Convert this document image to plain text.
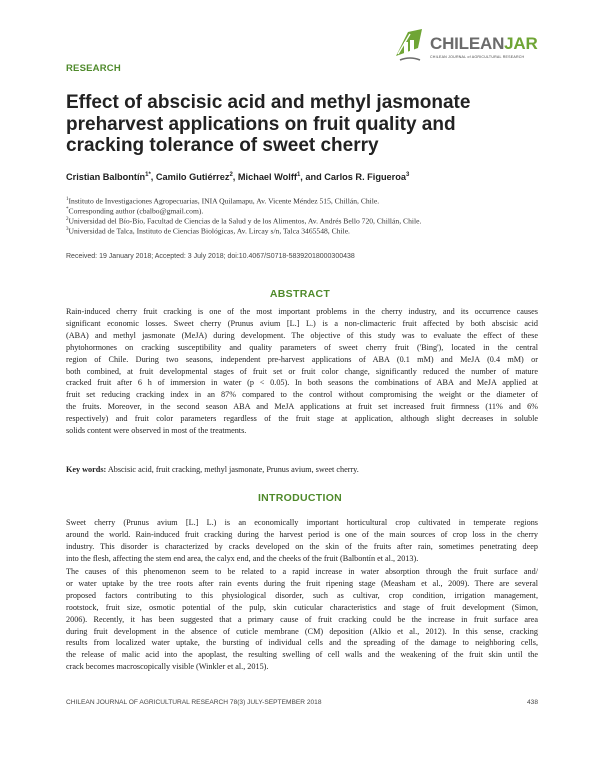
CHILEANJAR
CHILEAN JOURNAL of AGRICULTURAL RESEARCH
RESEARCH
Effect of abscisic acid and methyl jasmonate preharvest applications on fruit quality and cracking tolerance of sweet cherry
Cristian Balbontín$^{1*}$, Camilo Gutiérrez$^2$, Michael Wolff$^1$, and Carlos R. Figueroa$^3$
$^1$Instituto de Investigaciones Agropecuarias, INIA Quilamapu, Av. Vicente Méndez 515, Chillán, Chile.
*Corresponding author (cbalbo@gmail.com).
$^2$Universidad del Bío-Bío, Facultad de Ciencias de la Salud y de los Alimentos, Av. Andrés Bello 720, Chillán, Chile.
$^3$Universidad de Talca, Instituto de Ciencias Biológicas, Av. Lircay s/n, Talca 3465548, Chile.
Received: 19 January 2018; Accepted: 3 July 2018; doi:10.4067/S0718-58392018000300438
ABSTRACT
Rain-induced cherry fruit cracking is one of the most important problems in the cherry industry, and its occurrence causes
significant economic losses. Sweet cherry (Prunus avium [L.] L.) is a non-climacteric fruit affected by both abscisic acid
(ABA) and methyl jasmonate (MeJA) during development. The objective of this study was to evaluate the effect of these
phytohormones on cracking susceptibility and quality parameters of sweet cherry fruit ('Bing'), located in the central
region of Chile. During two seasons, independent pre-harvest applications of ABA (0.1 mM) and MeJA (0.4 mM) or
both combined, at fruit developmental stages of fruit set or fruit color change, significantly reduced the number of mature
cracked fruit after 6 h of immersion in water (p < 0.05). In both seasons the combinations of ABA and MeJA applied at
fruit set reducing cracking index in an 87% compared to the control without compromising the weight or the diameter of
the fruits. Moreover, in the second season ABA and MeJA applications at fruit set increased fruit firmness (11% and 6%
respectively) and fruit color parameters regardless of the fruit stage at application, although slight decreases in soluble
solids content were observed in most of the treatments.
Key words: Abscisic acid, fruit cracking, methyl jasmonate, Prunus avium, sweet cherry.
INTRODUCTION
Sweet cherry (Prunus avium [L.] L.) is an economically important horticultural crop cultivated in temperate regions
around the world. Rain-induced fruit cracking during the harvest period is one of the main sources of crop loss in the cherry
industry. This disorder is characterized by cracks developed on the skin of the fruits after rain, sometimes penetrating deep
into the flesh, affecting the stem end area, the calyx end, and the cheeks of the fruit (Balbontín et al., 2013).
The causes of this phenomenon seem to be related to a rapid increase in water absorption through the fruit surface and/
or water uptake by the tree roots after rain events during the fruit ripening stage (Measham et al., 2009). There are several
proposed factors contributing to this physiological disorder, such as cultivar, crop condition, irrigation management,
rootstock, fruit size, osmotic potential of the pulp, skin cuticular characteristics and stage of fruit development (Simon,
2006). Recently, it has been suggested that a primary cause of fruit cracking could be the increase in fruit surface area
during fruit development in the absence of cuticle membrane (CM) deposition (Alkio et al., 2012). In this sense, cracking
results from localized water uptake, the bursting of individual cells and the spreading of the damage to neighboring cells,
the release of malic acid into the apoplast, the resulting swelling of cell walls and the weakening of the fruit skin until the
crack becomes macroscopically visible (Winkler et al., 2015).
CHILEAN JOURNAL OF AGRICULTURAL RESEARCH 78(3) JULY-SEPTEMBER 2018	438
